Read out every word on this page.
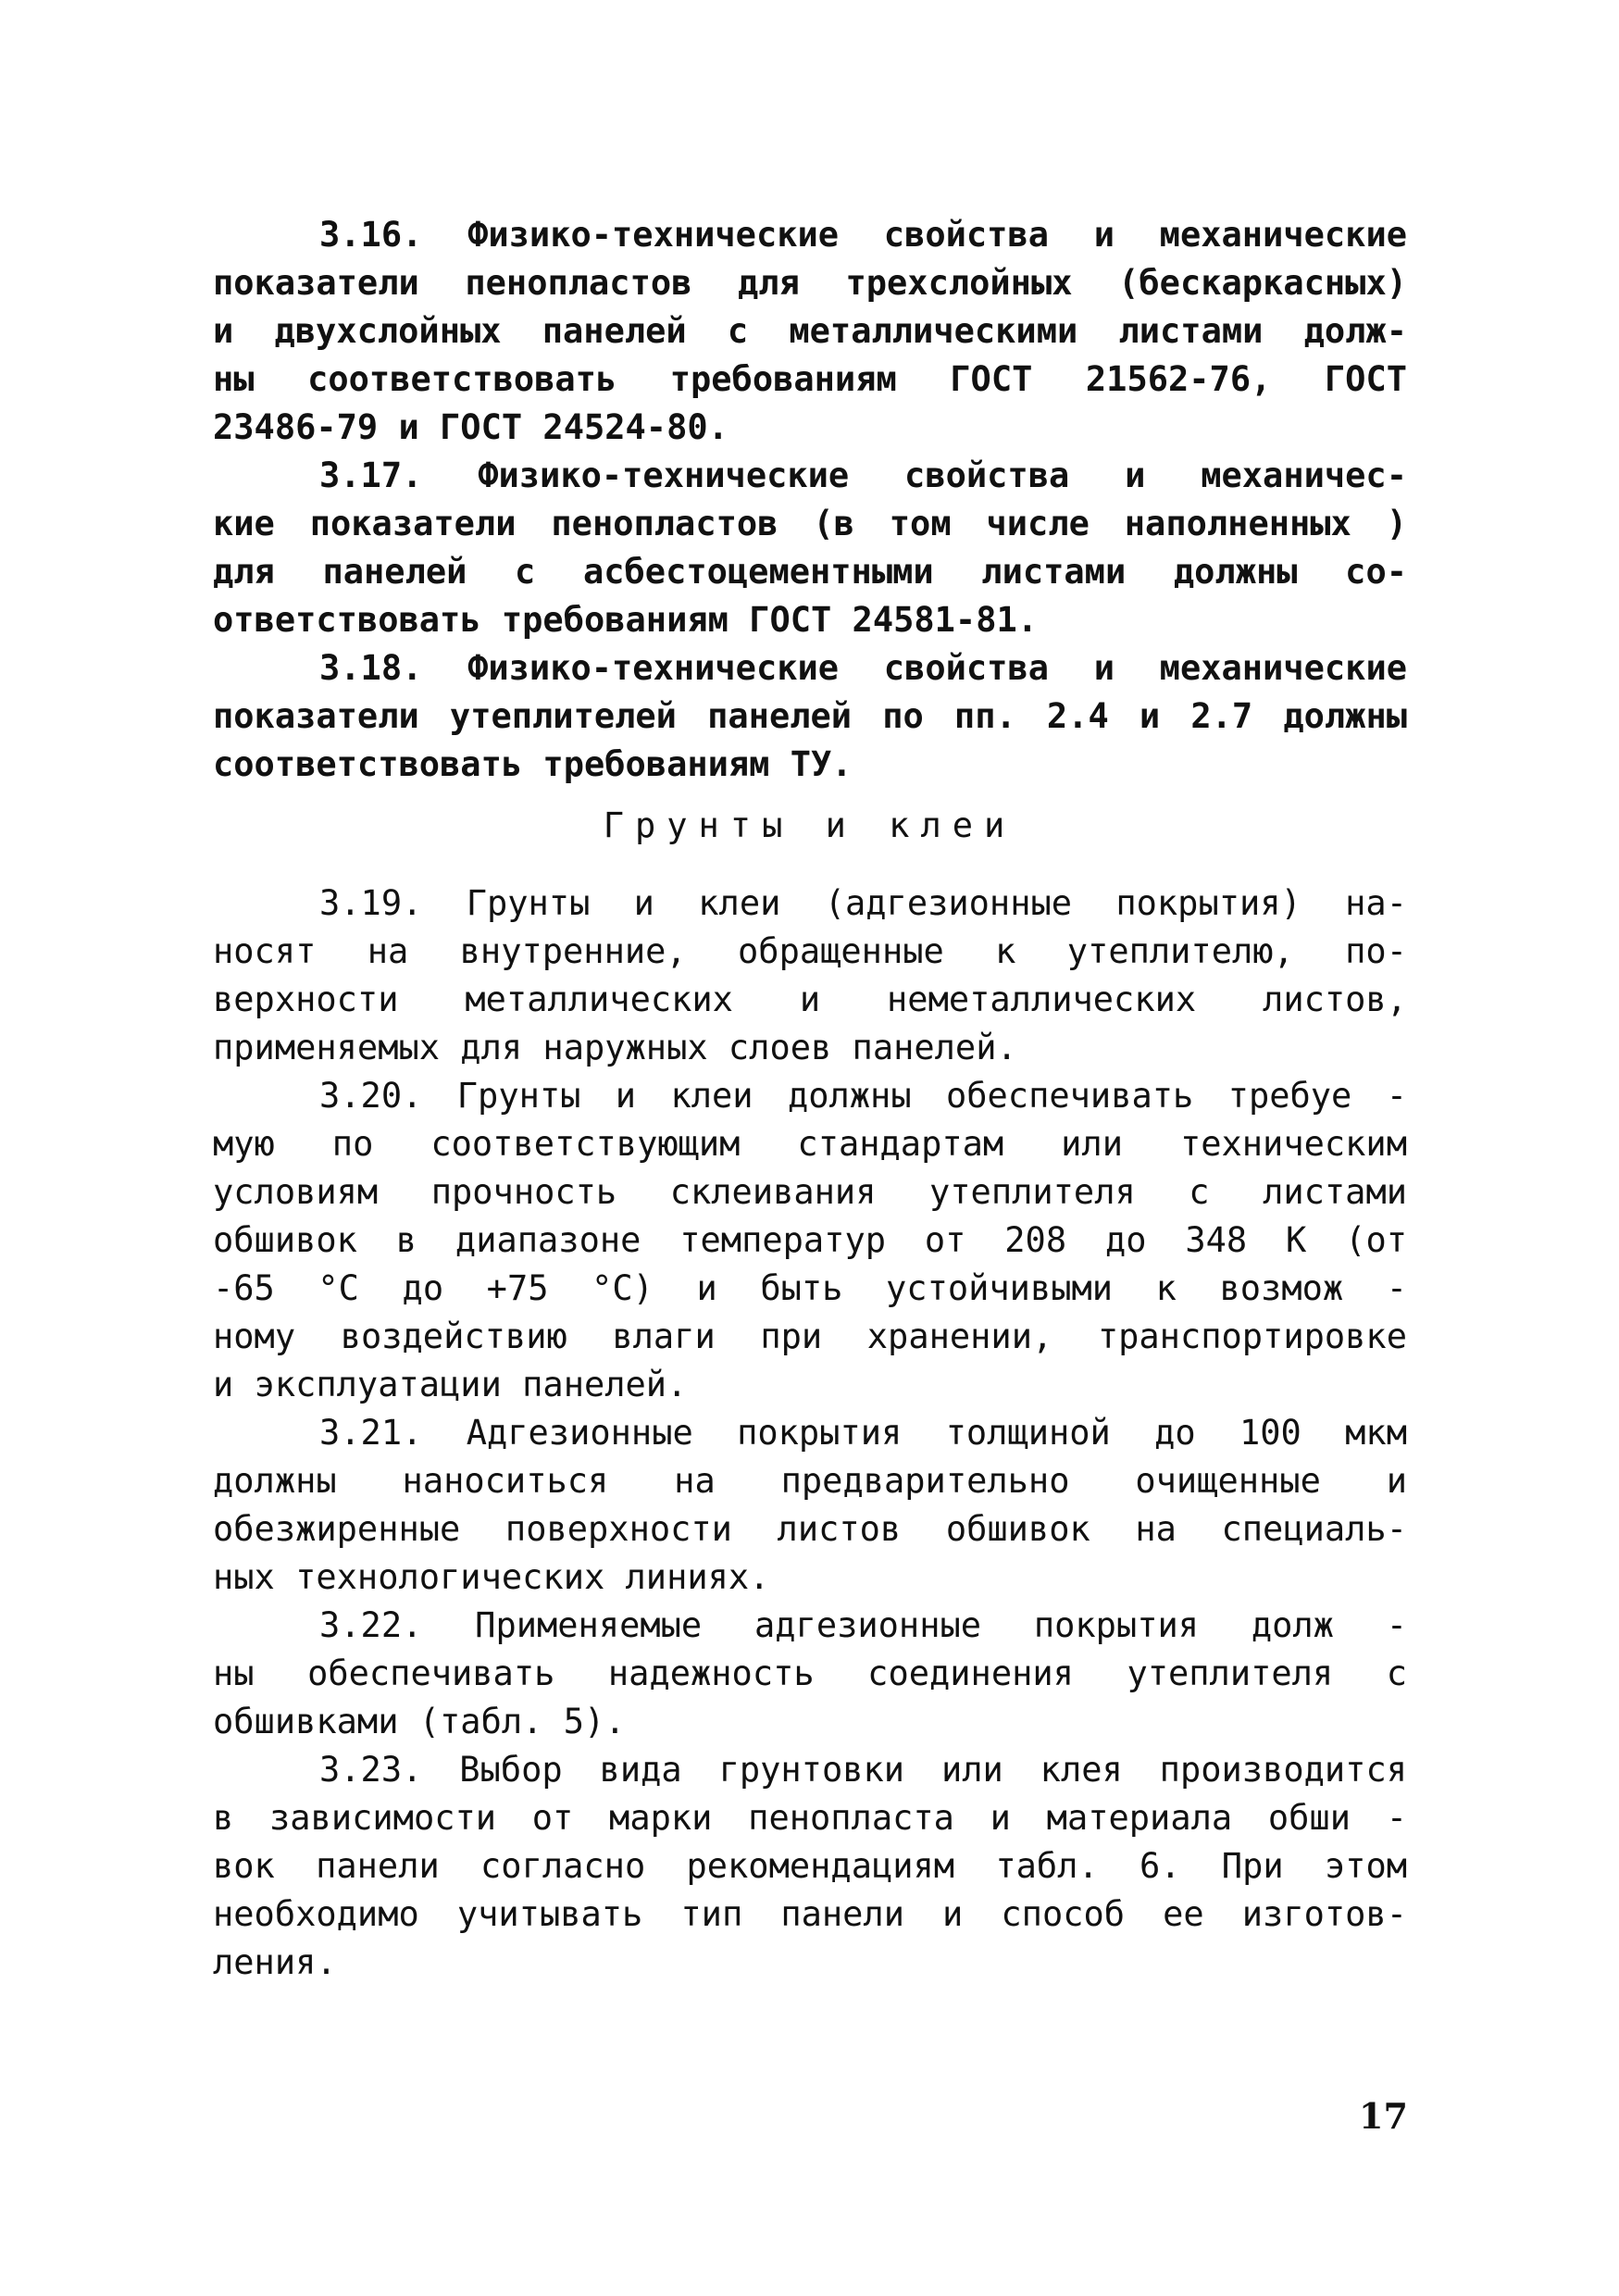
3.16. Физико-технические свойства и механические
показатели пенопластов для трехслойных (бескаркасных)
и двухслойных панелей с металлическими листами долж-
ны соответствовать требованиям ГОСТ 21562-76, ГОСТ
23486-79 и ГОСТ 24524-80.
3.17. Физико-технические свойства и механичес-
кие показатели пенопластов (в том числе наполненных )
для панелей с асбестоцементными листами должны со-
ответствовать требованиям ГОСТ 24581-81.
3.18. Физико-технические свойства и механические
показатели утеплителей панелей по пп. 2.4 и 2.7 должны
соответствовать требованиям ТУ.
Грунты и клеи
3.19. Грунты и клеи (адгезионные покрытия) на-
носят на внутренние, обращенные к утеплителю, по-
верхности металлических и неметаллических листов,
применяемых для наружных слоев панелей.
3.20. Грунты и клеи должны обеспечивать требуе -
мую по соответствующим стандартам или техническим
условиям прочность склеивания утеплителя с листами
обшивок в диапазоне температур от 208 до 348 К (от
-65 °С до +75 °С) и быть устойчивыми к возмож -
ному воздействию влаги при хранении, транспортировке
и эксплуатации панелей.
3.21. Адгезионные покрытия толщиной до 100 мкм
должны наноситься на предварительно очищенные и
обезжиренные поверхности листов обшивок на специаль-
ных технологических линиях.
3.22. Применяемые адгезионные покрытия долж -
ны обеспечивать надежность соединения утеплителя с
обшивками (табл. 5).
3.23. Выбор вида грунтовки или клея производится
в зависимости от марки пенопласта и материала обши -
вок панели согласно рекомендациям табл. 6. При этом
необходимо учитывать тип панели и способ ее изготов-
ления.
17
